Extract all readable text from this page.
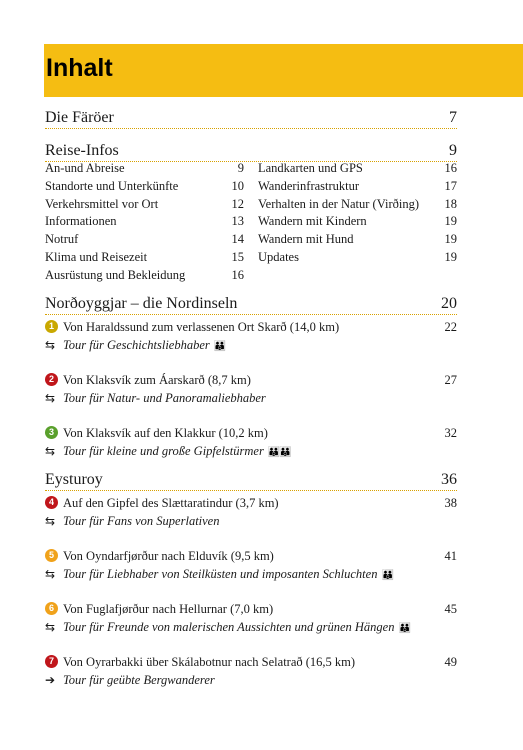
Inhalt
Die Färöer	7
Reise-Infos	9
Norðoyggjar – die Nordinseln	20
Eysturoy	36
An-und Abreise	9
Standorte und Unterkünfte	10
Verkehrsmittel vor Ort	12
Informationen	13
Notruf	14
Klima und Reisezeit	15
Ausrüstung und Bekleidung	16
Landkarten und GPS	16
Wanderinfrastruktur	17
Verhalten in der Natur (Virðing) 18
Wandern mit Kindern	19
Wandern mit Hund	19
Updates	19
1 Von Haraldssund zum verlassenen Ort Skarð (14,0 km)	22
⇆ Tour für Geschichtsliebhaber 👪
2 Von Klaksvík zum Áarskarð (8,7 km)	27
⇆ Tour für Natur- und Panoramaliebhaber
3 Von Klaksvík auf den Klakkur (10,2 km)	32
⇆ Tour für kleine und große Gipfelstürmer 👪👪
4 Auf den Gipfel des Slættaratindur (3,7 km)	38
⇆ Tour für Fans von Superlativen
5 Von Oyndarfjørður nach Elduvík (9,5 km)	41
⇆ Tour für Liebhaber von Steilküsten und imposanten Schluchten 👪
6 Von Fuglafjørður nach Hellurnar (7,0 km)	45
⇆ Tour für Freunde von malerischen Aussichten und grünen Hängen 👪
7 Von Oyrarbakki über Skálabotnur nach Selatrað (16,5 km)	49
➔ Tour für geübte Bergwanderer
